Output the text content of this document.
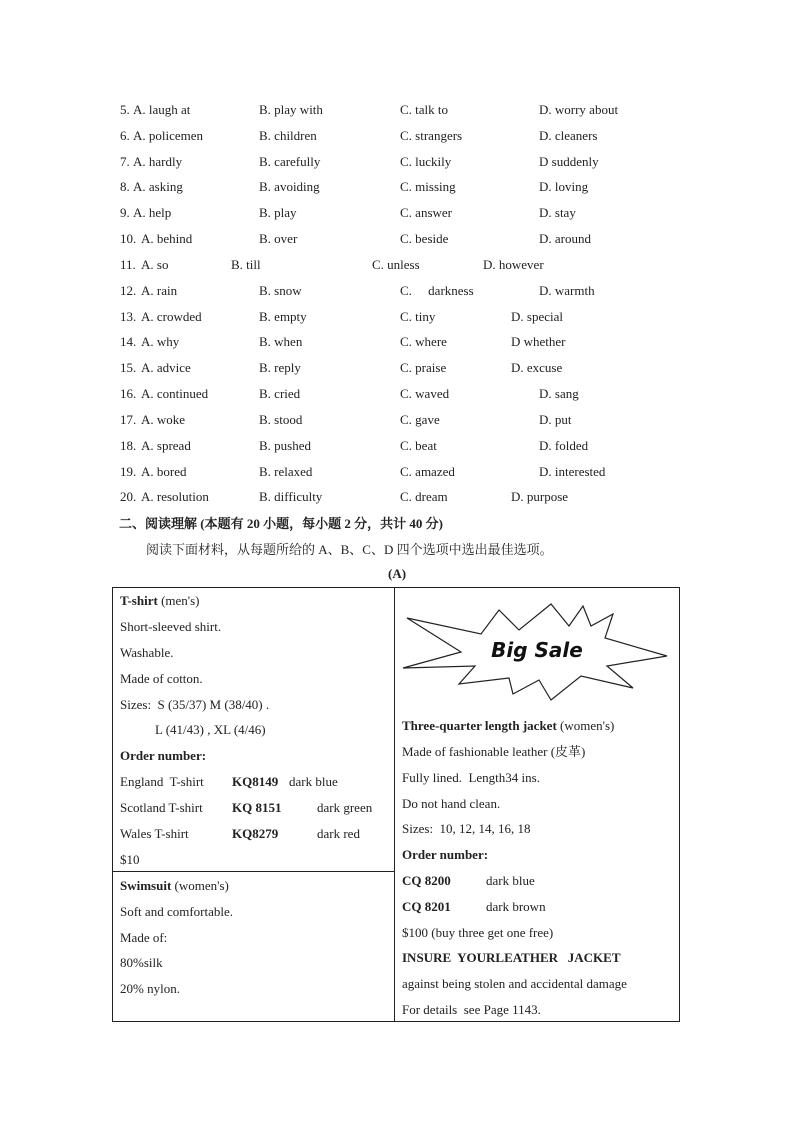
5. A. laugh at	B. play with	C. talk to	D. worry about
6. A. policemen	B. children	C. strangers	D. cleaners
7. A. hardly	B. carefully	C. luckily	D suddenly
8. A. asking	B. avoiding	C. missing	D. loving
9. A. help	B. play	C. answer	D. stay
10. A. behind	B. over	C. beside	D. around
11. A. so	B. till	C. unless	D. however
12. A. rain	B. snow	C.     darkness	D. warmth
13. A. crowded	B. empty	C. tiny	D. special
14. A. why	B. when	C. where	D whether
15. A. advice	B. reply	C. praise	D. excuse
16. A. continued	B. cried	C. waved	D. sang
17. A. woke	B. stood	C. gave	D. put
18. A. spread	B. pushed	C. beat	D. folded
19. A. bored	B. relaxed	C. amazed	D. interested
20. A. resolution	B. difficulty	C. dream	D. purpose
二、阅读理解 (本题有 20 小题，每小题 2 分，共计 40 分)
阅读下面材料，从每题所给的 A、B、C、D 四个选项中选出最佳选项。
(A)
T-shirt (men's)
Short-sleeved shirt.
Washable.
Made of cotton.
Sizes:  S (35/37) M (38/40) .
L (41/43) , XL (4/46)
Order number:
England  T-shirt KQ8149 dark blue
Scotland T-shirt KQ 8151	dark green
Wales T-shirt	KQ8279	dark red
$10
Swimsuit (women's)
Soft and comfortable.
Made of:
80%silk
20% nylon.
Big Sale
Three-quarter length jacket (women's)
Made of fashionable leather (皮革)
Fully lined.  Length34 ins.
Do not hand clean.
Sizes:  10, 12, 14, 16, 18
Order number:
CQ 8200	dark blue
CQ 8201	dark brown
$100 (buy three get one free)
INSURE  YOURLEATHER   JACKET
against being stolen and accidental damage
For details  see Page 1143.
